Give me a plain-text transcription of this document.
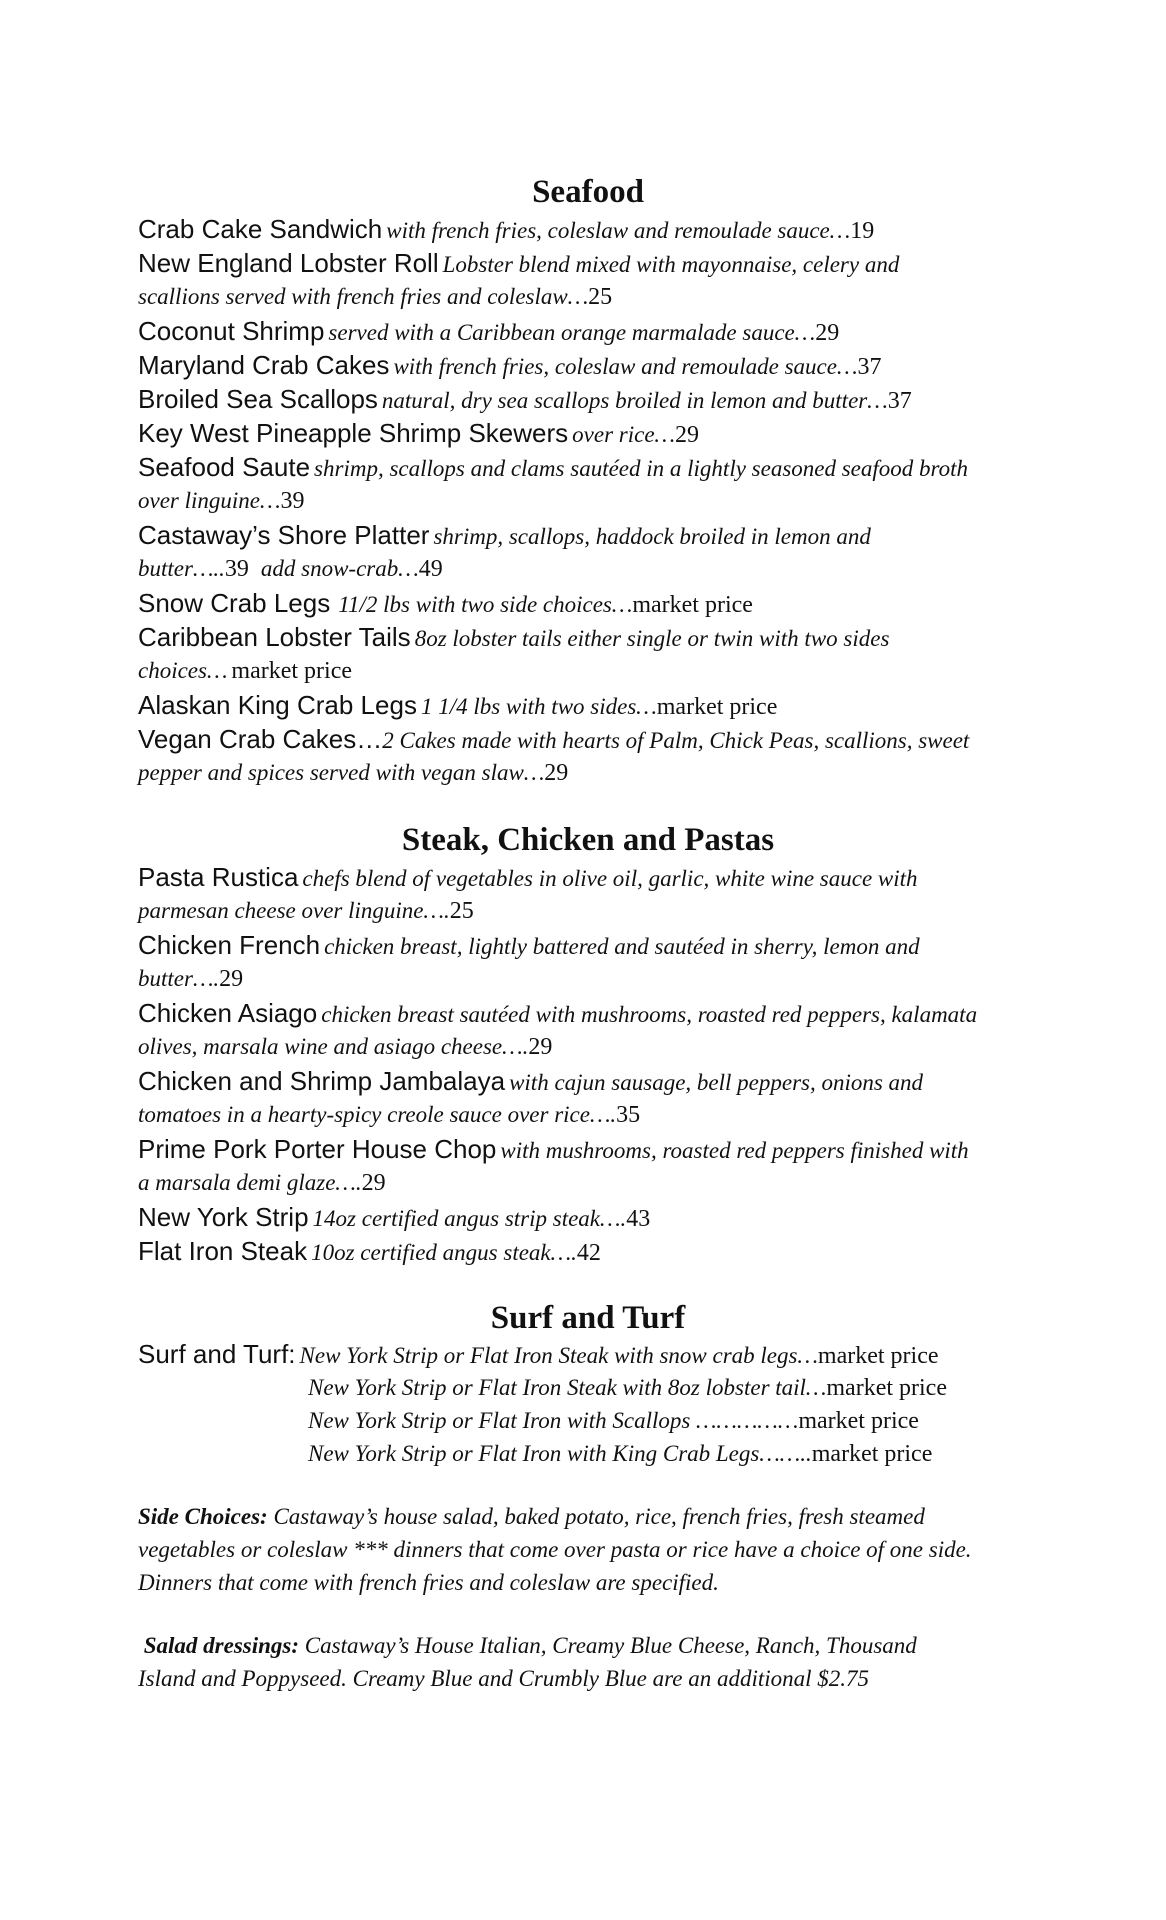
Seafood
Crab Cake Sandwich with french fries, coleslaw and remoulade sauce…19
New England Lobster Roll Lobster blend mixed with mayonnaise, celery and
scallions served with french fries and coleslaw…25
Coconut Shrimp served with a Caribbean orange marmalade sauce…29
Maryland Crab Cakes with french fries, coleslaw and remoulade sauce…37
Broiled Sea Scallops natural, dry sea scallops broiled in lemon and butter…37
Key West Pineapple Shrimp Skewers over rice…29
Seafood Saute shrimp, scallops and clams sautéed in a lightly seasoned seafood broth
over linguine…39
Castaway’s Shore Platter shrimp, scallops, haddock broiled in lemon and
butter…..39 add snow-crab…49
Snow Crab Legs 11/2 lbs with two side choices…market price
Caribbean Lobster Tails 8oz lobster tails either single or twin with two sides
choices… market price
Alaskan King Crab Legs 1 1/4 lbs with two sides…market price
Vegan Crab Cakes…2 Cakes made with hearts of Palm, Chick Peas, scallions, sweet
pepper and spices served with vegan slaw…29
Steak, Chicken and Pastas
Pasta Rustica chefs blend of vegetables in olive oil, garlic, white wine sauce with
parmesan cheese over linguine….25
Chicken French chicken breast, lightly battered and sautéed in sherry, lemon and
butter….29
Chicken Asiago chicken breast sautéed with mushrooms, roasted red peppers, kalamata
olives, marsala wine and asiago cheese….29
Chicken and Shrimp Jambalaya with cajun sausage, bell peppers, onions and
tomatoes in a hearty-spicy creole sauce over rice….35
Prime Pork Porter House Chop with mushrooms, roasted red peppers finished with
a marsala demi glaze….29
New York Strip 14oz certified angus strip steak….43
Flat Iron Steak 10oz certified angus steak….42
Surf and Turf
Surf and Turf: New York Strip or Flat Iron Steak with snow crab legs…market price
New York Strip or Flat Iron Steak with 8oz lobster tail…market price
New York Strip or Flat Iron with Scallops ……………market price
New York Strip or Flat Iron with King Crab Legs……..market price
Side Choices: Castaway’s house salad, baked potato, rice, french fries, fresh steamed
vegetables or coleslaw *** dinners that come over pasta or rice have a choice of one side.
Dinners that come with french fries and coleslaw are specified.
Salad dressings: Castaway’s House Italian, Creamy Blue Cheese, Ranch, Thousand
Island and Poppyseed. Creamy Blue and Crumbly Blue are an additional $2.75
